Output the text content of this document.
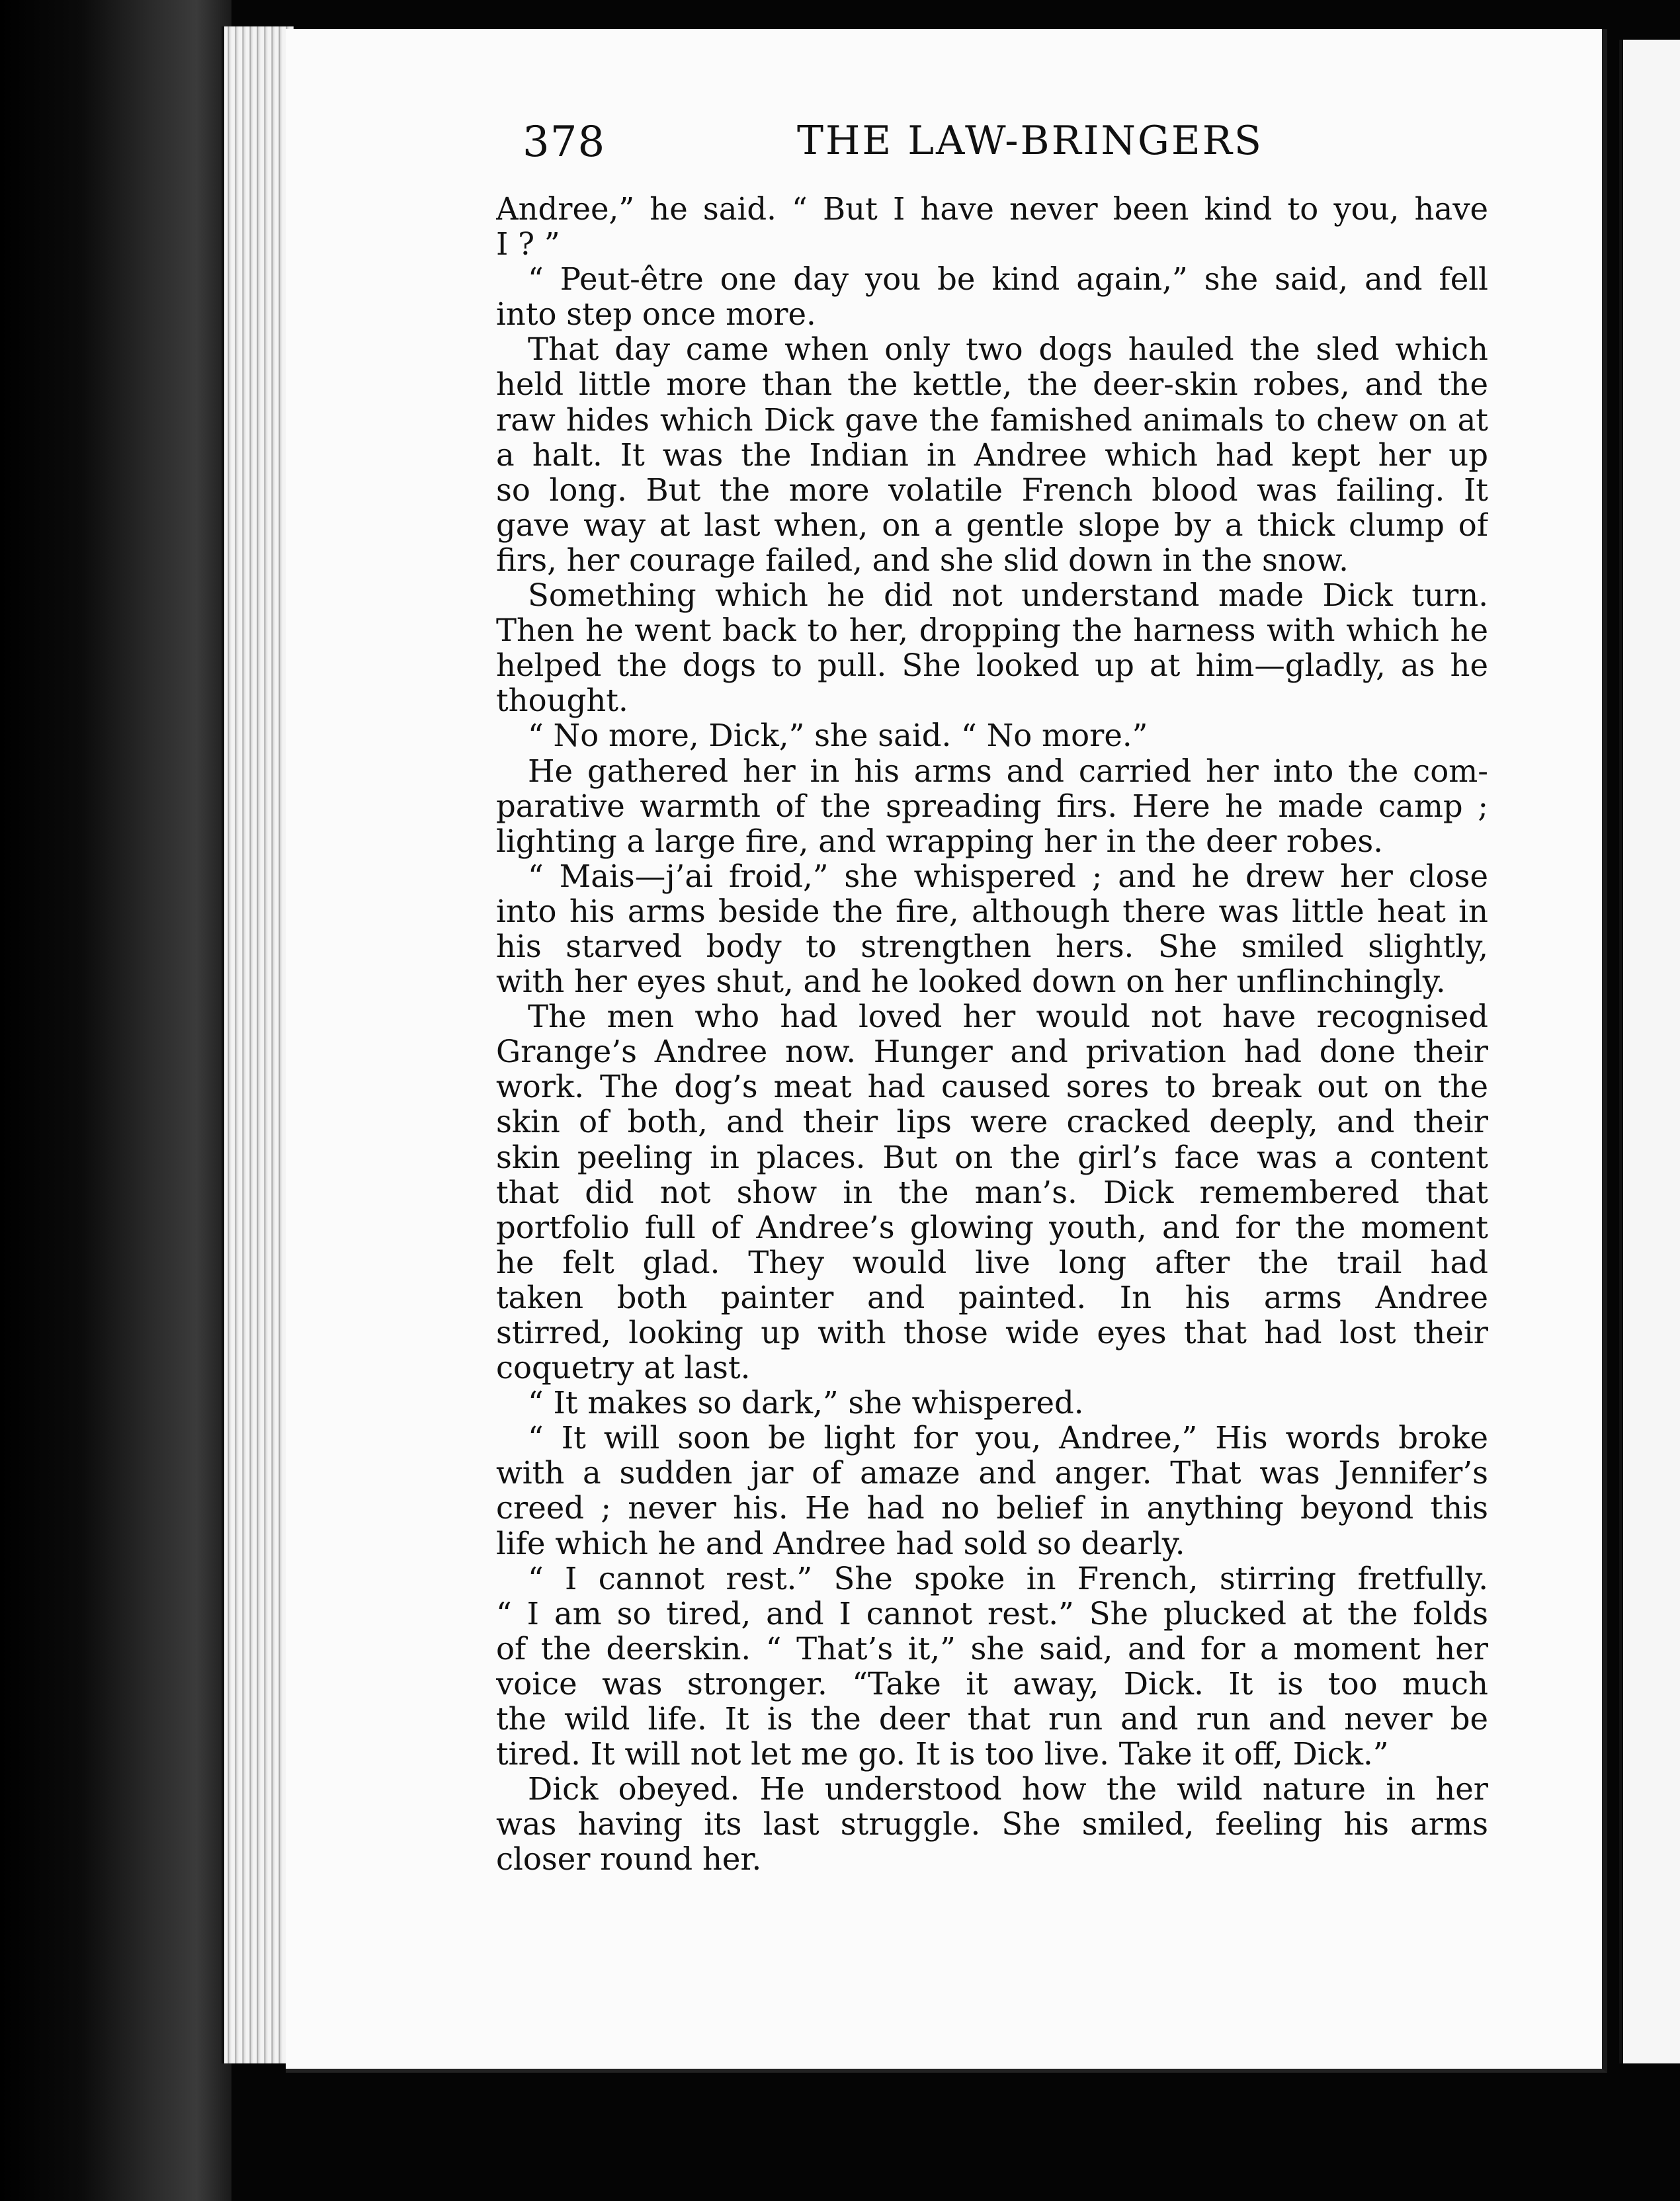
378	THE LAW-BRINGERS
Andree,” he said. “ But I have never been kind to you, have
I ? ”
“ Peut-être one day you be kind again,” she said, and fell
into step once more.
That day came when only two dogs hauled the sled which
held little more than the kettle, the deer-skin robes, and the
raw hides which Dick gave the famished animals to chew on at
a halt. It was the Indian in Andree which had kept her up
so long. But the more volatile French blood was failing. It
gave way at last when, on a gentle slope by a thick clump of
firs, her courage failed, and she slid down in the snow.
Something which he did not understand made Dick turn.
Then he went back to her, dropping the harness with which he
helped the dogs to pull. She looked up at him—gladly, as he
thought.
“ No more, Dick,” she said. “ No more.”
He gathered her in his arms and carried her into the com-
parative warmth of the spreading firs. Here he made camp ;
lighting a large fire, and wrapping her in the deer robes.
“ Mais—j’ai froid,” she whispered ; and he drew her close
into his arms beside the fire, although there was little heat in
his starved body to strengthen hers. She smiled slightly,
with her eyes shut, and he looked down on her unflinchingly.
The men who had loved her would not have recognised
Grange’s Andree now. Hunger and privation had done their
work. The dog’s meat had caused sores to break out on the
skin of both, and their lips were cracked deeply, and their
skin peeling in places. But on the girl’s face was a content
that did not show in the man’s. Dick remembered that
portfolio full of Andree’s glowing youth, and for the moment
he felt glad. They would live long after the trail had
taken both painter and painted. In his arms Andree
stirred, looking up with those wide eyes that had lost their
coquetry at last.
“ It makes so dark,” she whispered.
“ It will soon be light for you, Andree,” His words broke
with a sudden jar of amaze and anger. That was Jennifer’s
creed ; never his. He had no belief in anything beyond this
life which he and Andree had sold so dearly.
“ I cannot rest.” She spoke in French, stirring fretfully.
“ I am so tired, and I cannot rest.” She plucked at the folds
of the deerskin. “ That’s it,” she said, and for a moment her
voice was stronger. “Take it away, Dick. It is too much
the wild life. It is the deer that run and run and never be
tired. It will not let me go. It is too live. Take it off, Dick.”
Dick obeyed. He understood how the wild nature in her
was having its last struggle. She smiled, feeling his arms
closer round her.
